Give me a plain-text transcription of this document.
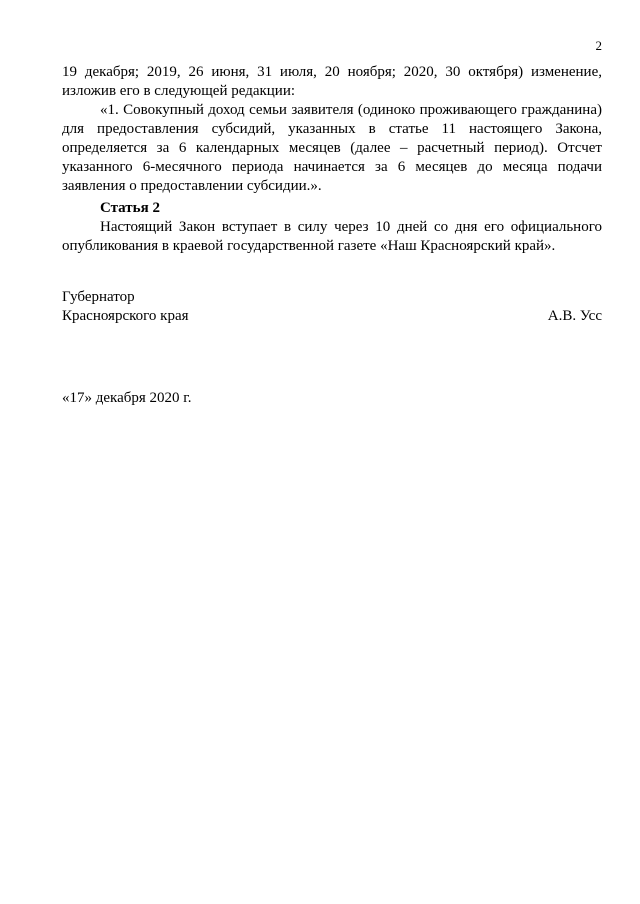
2

19 декабря; 2019, 26 июня, 31 июля, 20 ноября; 2020, 30 октября) изменение, изложив его в следующей редакции:

«1. Совокупный доход семьи заявителя (одиноко проживающего гражданина) для предоставления субсидий, указанных в статье 11 настоящего Закона, определяется за 6 календарных месяцев (далее – расчетный период). Отсчет указанного 6-месячного периода начинается за 6 месяцев до месяца подачи заявления о предоставлении субсидии.».

Статья 2

Настоящий Закон вступает в силу через 10 дней со дня его официального опубликования в краевой государственной газете «Наш Красноярский край».

Губернатор
Красноярского края	А.В. Усс
«17» декабря 2020 г.
